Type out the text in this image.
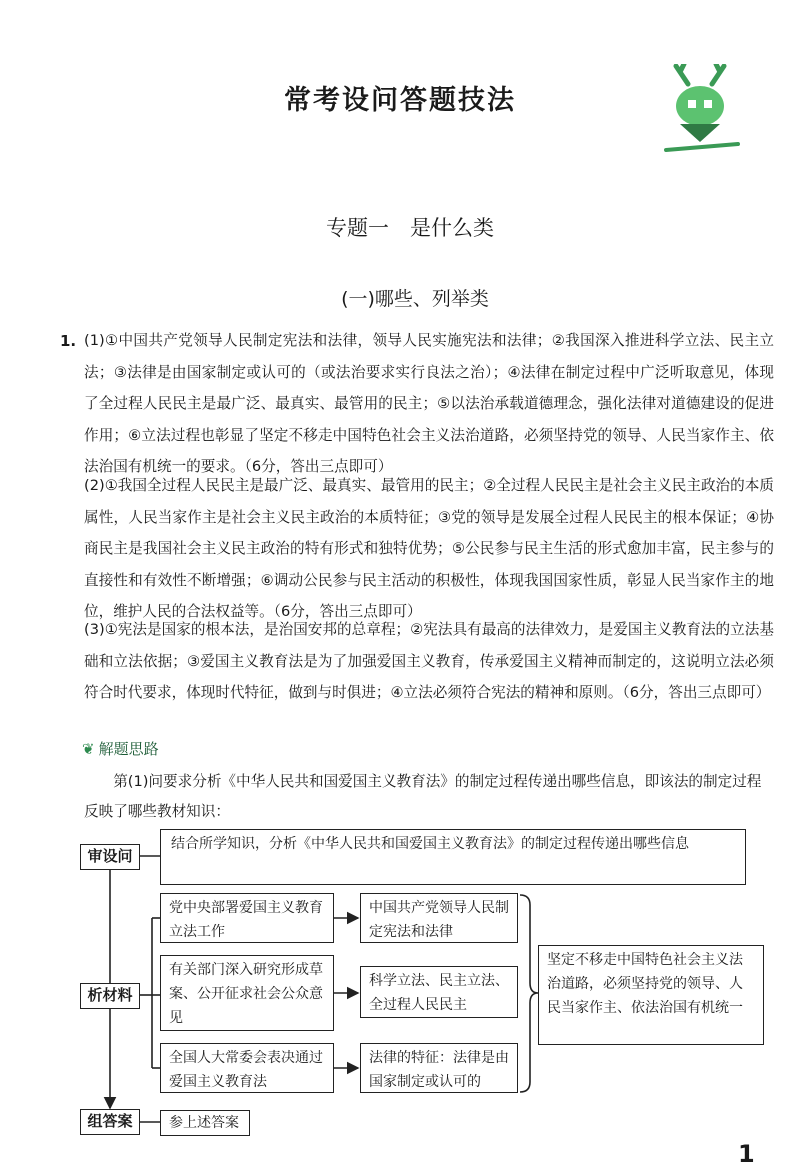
常考设问答题技法
专题一　是什么类
(一)哪些、列举类
1. (1)①中国共产党领导人民制定宪法和法律，领导人民实施宪法和法律；②我国深入推进科学立法、民主立法；③法律是由国家制定或认可的（或法治要求实行良法之治）；④法律在制定过程中广泛听取意见，体现了全过程人民民主是最广泛、最真实、最管用的民主；⑤以法治承载道德理念，强化法律对道德建设的促进作用；⑥立法过程也彰显了坚定不移走中国特色社会主义法治道路，必须坚持党的领导、人民当家作主、依法治国有机统一的要求。（6分，答出三点即可）

(2)①我国全过程人民民主是最广泛、最真实、最管用的民主；②全过程人民民主是社会主义民主政治的本质属性，人民当家作主是社会主义民主政治的本质特征；③党的领导是发展全过程人民民主的根本保证；④协商民主是我国社会主义民主政治的特有形式和独特优势；⑤公民参与民主生活的形式愈加丰富，民主参与的直接性和有效性不断增强；⑥调动公民参与民主活动的积极性，体现我国国家性质，彰显人民当家作主的地位，维护人民的合法权益等。（6分，答出三点即可）

(3)①宪法是国家的根本法，是治国安邦的总章程；②宪法具有最高的法律效力，是爱国主义教育法的立法基础和立法依据；③爱国主义教育法是为了加强爱国主义教育，传承爱国主义精神而制定的，这说明立法必须符合时代要求，体现时代特征，做到与时俱进；④立法必须符合宪法的精神和原则。（6分，答出三点即可）

❦ 解题思路
第(1)问要求分析《中华人民共和国爱国主义教育法》的制定过程传递出哪些信息，即该法的制定过程反映了哪些教材知识：
审设问
析材料
组答案
结合所学知识，分析《中华人民共和国爱国主义教育法》的制定过程传递出哪些信息
党中央部署爱国主义教育立法工作
有关部门深入研究形成草案、公开征求社会公众意见
全国人大常委会表决通过爱国主义教育法
中国共产党领导人民制定宪法和法律
科学立法、民主立法、全过程人民民主
法律的特征：法律是由国家制定或认可的
坚定不移走中国特色社会主义法治道路，必须坚持党的领导、人民当家作主、依法治国有机统一
参上述答案
1
